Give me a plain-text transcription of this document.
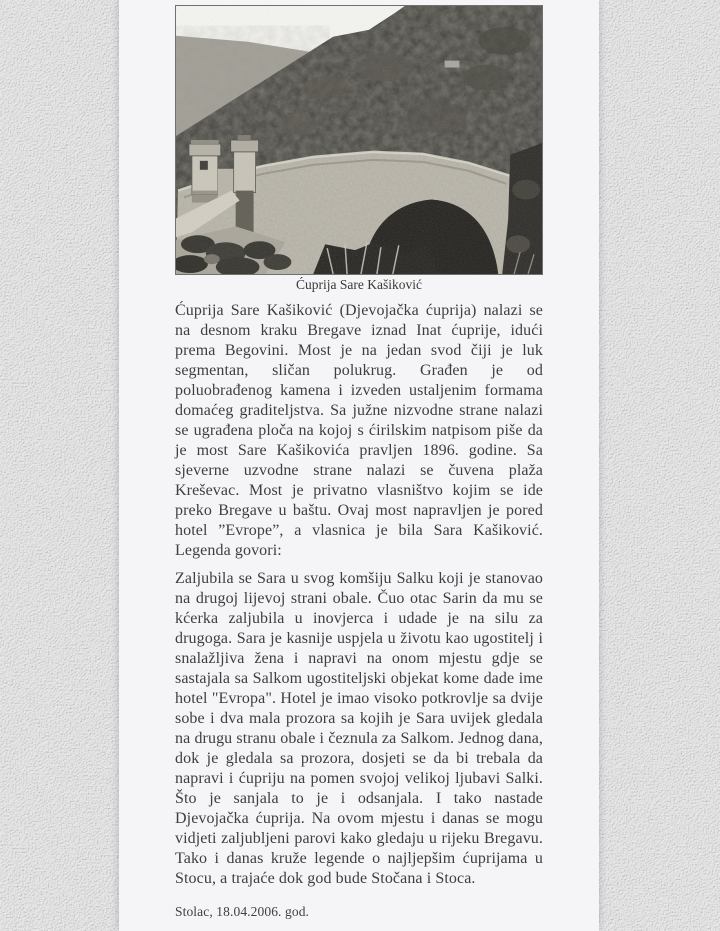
Ćuprija Sare Kašiković

Ćuprija Sare Kašiković (Djevojačka ćuprija) nalazi se na desnom kraku Bregave iznad Inat ćuprije, idući prema Begovini. Most je na jedan svod čiji je luk segmentan, sličan polukrug. Građen je od poluobrađenog kamena i izveden ustaljenim formama domaćeg graditeljstva. Sa južne nizvodne strane nalazi se ugrađena ploča na kojoj s ćirilskim natpisom piše da je most Sare Kašikovića pravljen 1896. godine. Sa sjeverne uzvodne strane nalazi se čuvena plaža Kreševac. Most je privatno vlasništvo kojim se ide preko Bregave u baštu. Ovaj most napravljen je pored hotel ”Evrope”, a vlasnica je bila Sara Kašiković. Legenda govori:

Zaljubila se Sara u svog komšiju Salku koji je stanovao na drugoj lijevoj strani obale. Čuo otac Sarin da mu se kćerka zaljubila u inovjerca i udade je na silu za drugoga. Sara je kasnije uspjela u životu kao ugostitelj i snalažljiva žena i napravi na onom mjestu gdje se sastajala sa Salkom ugostiteljski objekat kome dade ime hotel "Evropa". Hotel je imao visoko potkrovlje sa dvije sobe i dva mala prozora sa kojih je Sara uvijek gledala na drugu stranu obale i čeznula za Salkom. Jednog dana, dok je gledala sa prozora, dosjeti se da bi trebala da napravi i ćupriju na pomen svojoj velikoj ljubavi Salki. Što je sanjala to je i odsanjala. I tako nastade Djevojačka ćuprija. Na ovom mjestu i danas se mogu vidjeti zaljubljeni parovi kako gledaju u rijeku Bregavu. Tako i danas kruže legende o najljepšim ćuprijama u Stocu, a trajaće dok god bude Stočana i Stoca.

Stolac, 18.04.2006. god.
